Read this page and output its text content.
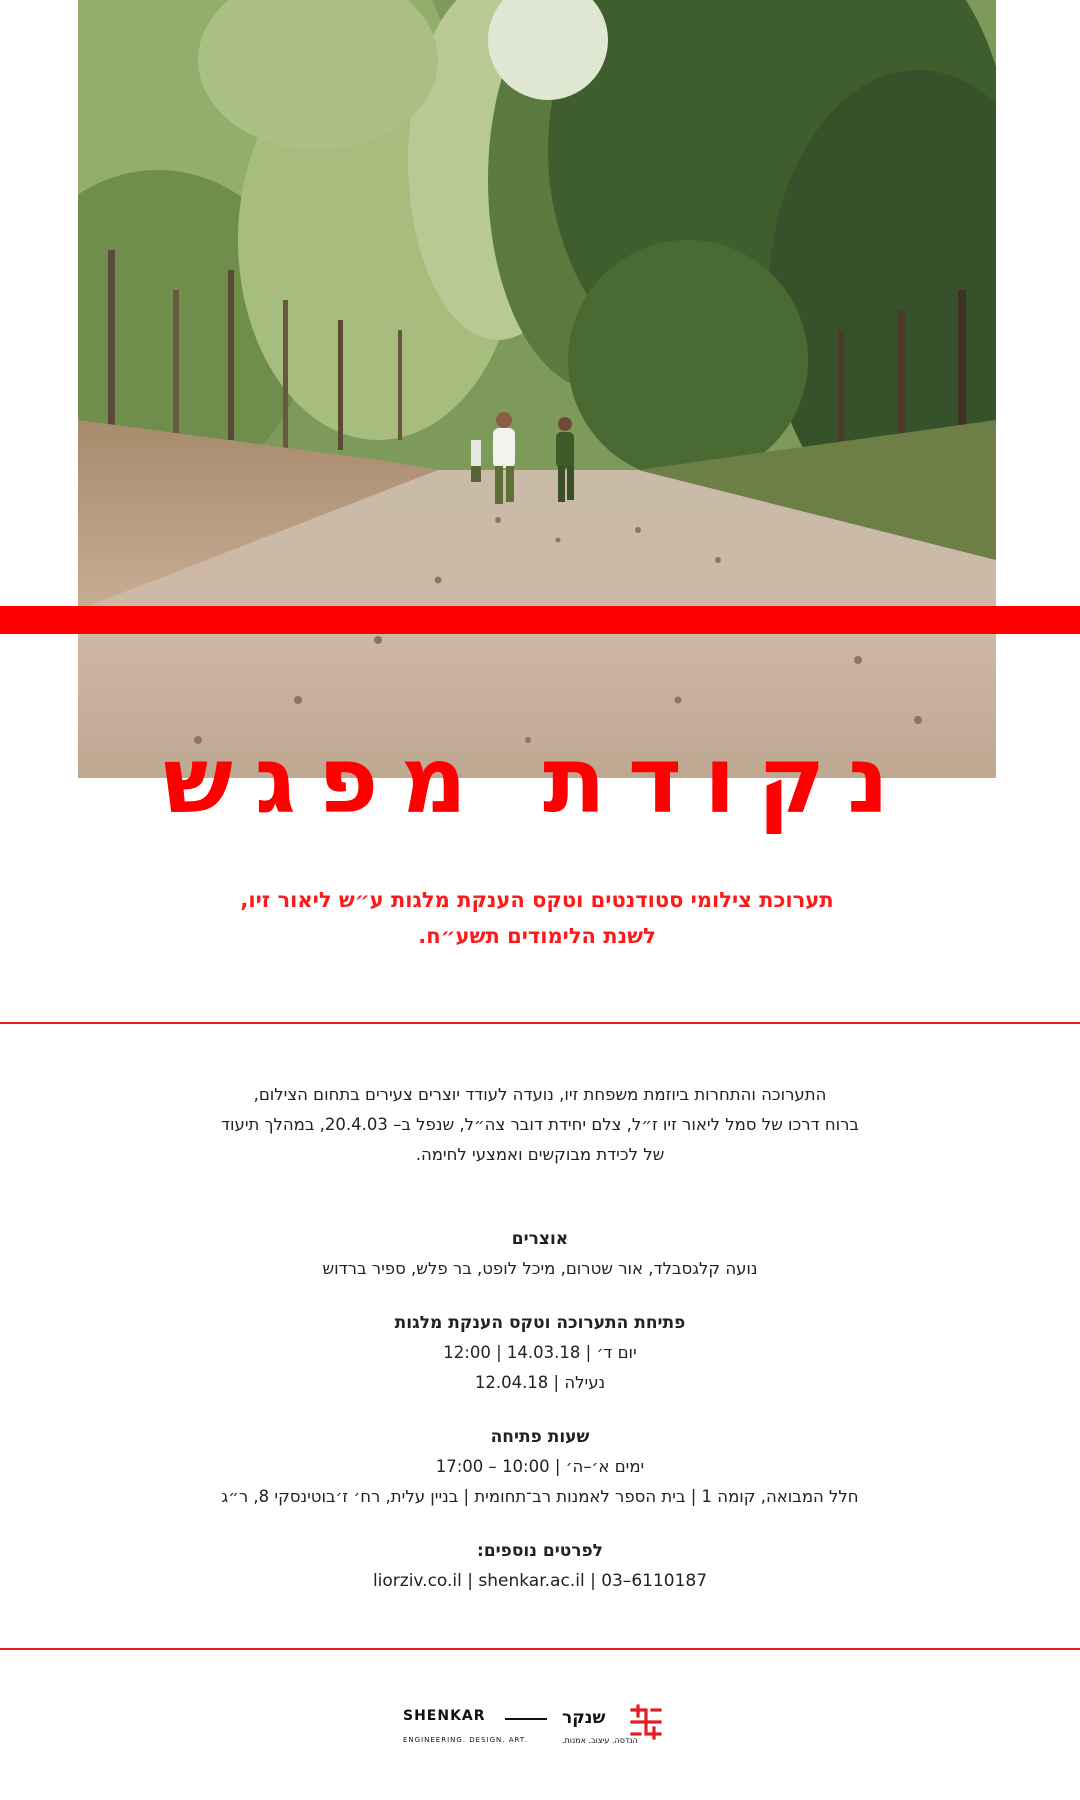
נקודת מפגש
תערוכת צילומי סטודנטים וטקס הענקת מלגות ע״ש ליאור זיו,
לשנת הלימודים תשע״ח.

התערוכה והתחרות ביוזמת משפחת זיו, נועדה לעודד יוצרים צעירים בתחום הצילום,

ברוח דרכו של סמל ליאור זיו ז״ל, צלם יחידת דובר צה״ל, שנפל ב– 20.4.03, במהלך תיעוד

של לכידת מבוקשים ואמצעי לחימה.

אוצרים

נועה קלגסבלד, אור שטרום, מיכל לופט, בר פלש, ספיר ברדוש

פתיחת התערוכה וטקס הענקת מלגות

יום ד׳ | 14.03.18 | 12:00

נעילה | 12.04.18

שעות פתיחה

ימים א׳–ה׳ | 10:00 – 17:00

חלל המבואה, קומה 1 | בית הספר לאמנות רב־תחומית | בניין עלית, רח׳ ז׳בוטינסקי 8, ר״ג

לפרטים נוספים:

liorziv.co.il | shenkar.ac.il | 03–6110187

SHENKAR
ENGINEERING. DESIGN. ART.
שנקר
הנדסה. עיצוב. אמנות.
